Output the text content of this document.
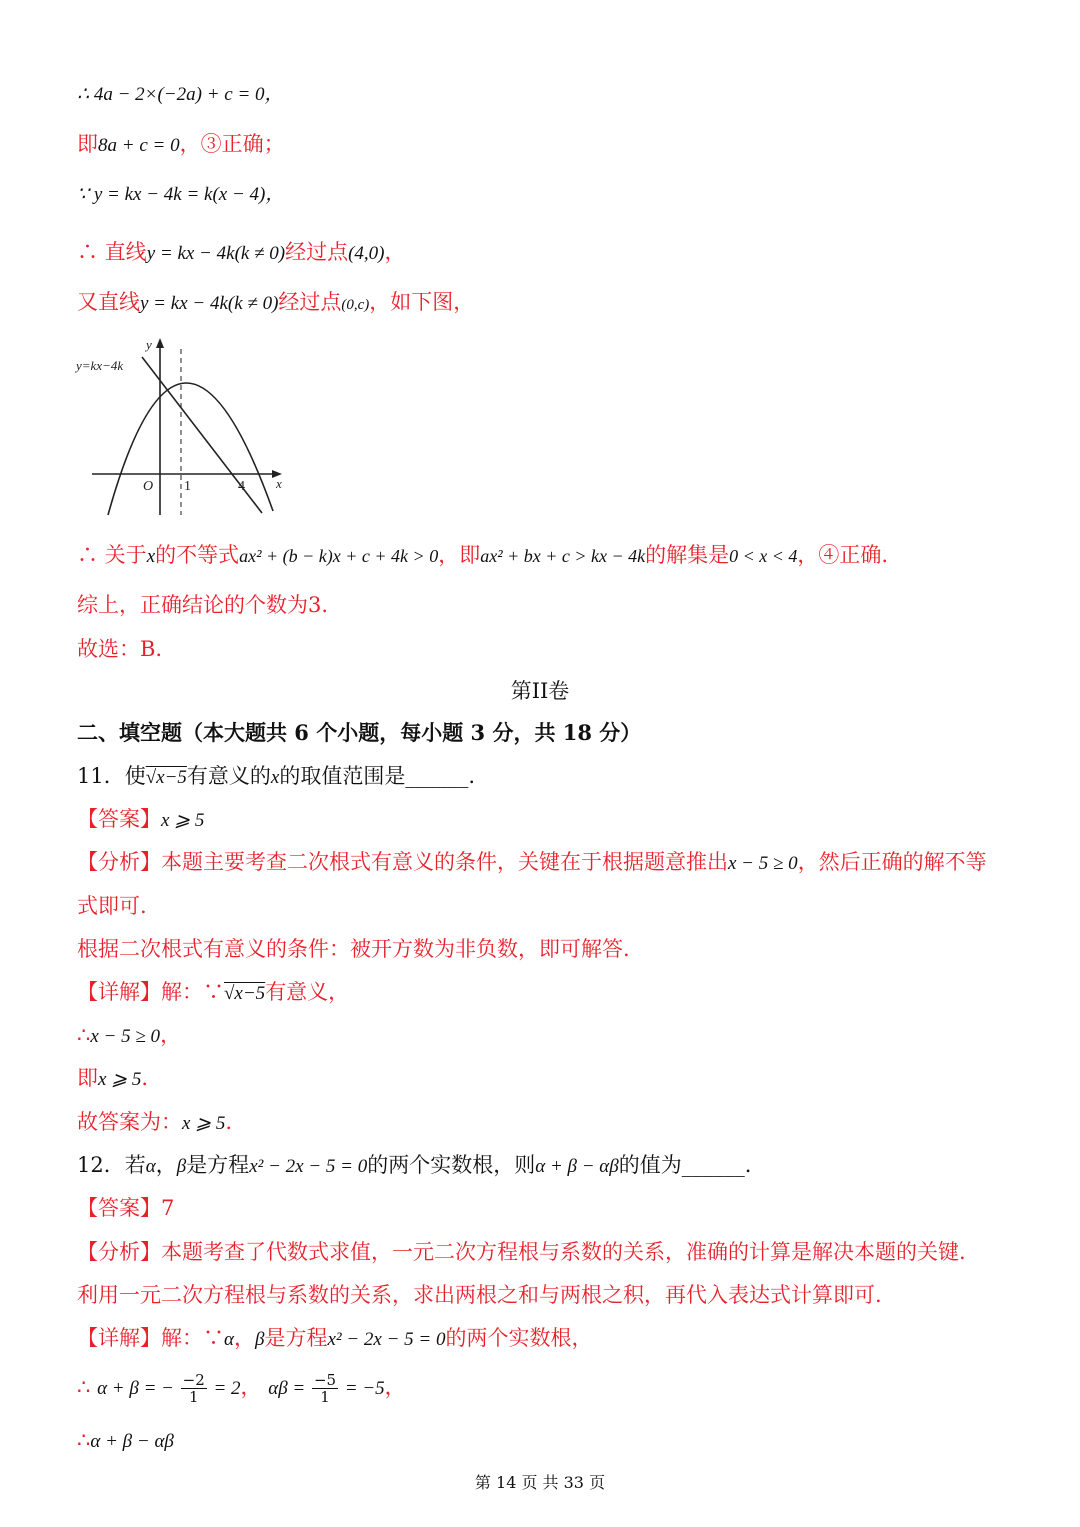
∴ 4a − 2×(−2a) + c = 0，
即8a + c = 0，③正确；
∵ y = kx − 4k = k(x − 4)，
∴ 直线y = kx − 4k(k ≠ 0)经过点(4,0)，
又直线y = kx − 4k(k ≠ 0)经过点(0,c)，如下图，
y=kx−4k
y
x
O 1	4
∴ 关于x的不等式ax² + (b − k)x + c + 4k > 0，即ax² + bx + c > kx − 4k的解集是0 < x < 4，④正确.
综上，正确结论的个数为3.
故选：B.
第II卷
二、填空题（本大题共 6 个小题，每小题 3 分，共 18 分）
11．使√x−5有意义的x的取值范围是______.
【答案】x ⩾ 5
【分析】本题主要考查二次根式有意义的条件，关键在于根据题意推出x − 5 ≥ 0，然后正确的解不等
式即可.
根据二次根式有意义的条件：被开方数为非负数，即可解答.
【详解】解：∵√x−5有意义，
∴x − 5 ≥ 0，
即x ⩾ 5.
故答案为：x ⩾ 5.
12．若α，β是方程x² − 2x − 5 = 0的两个实数根，则α + β − αβ的值为______.
【答案】7
【分析】本题考查了代数式求值，一元二次方程根与系数的关系，准确的计算是解决本题的关键.
利用一元二次方程根与系数的关系，求出两根之和与两根之积，再代入表达式计算即可.
【详解】解：∵α，β是方程x² − 2x − 5 = 0的两个实数根，
∴ α + β = − $\frac{-2}{1} = 2$， $\alpha\beta = \frac{-5}{1} = -5$，
∴α + β − αβ
第 14 页 共 33 页
